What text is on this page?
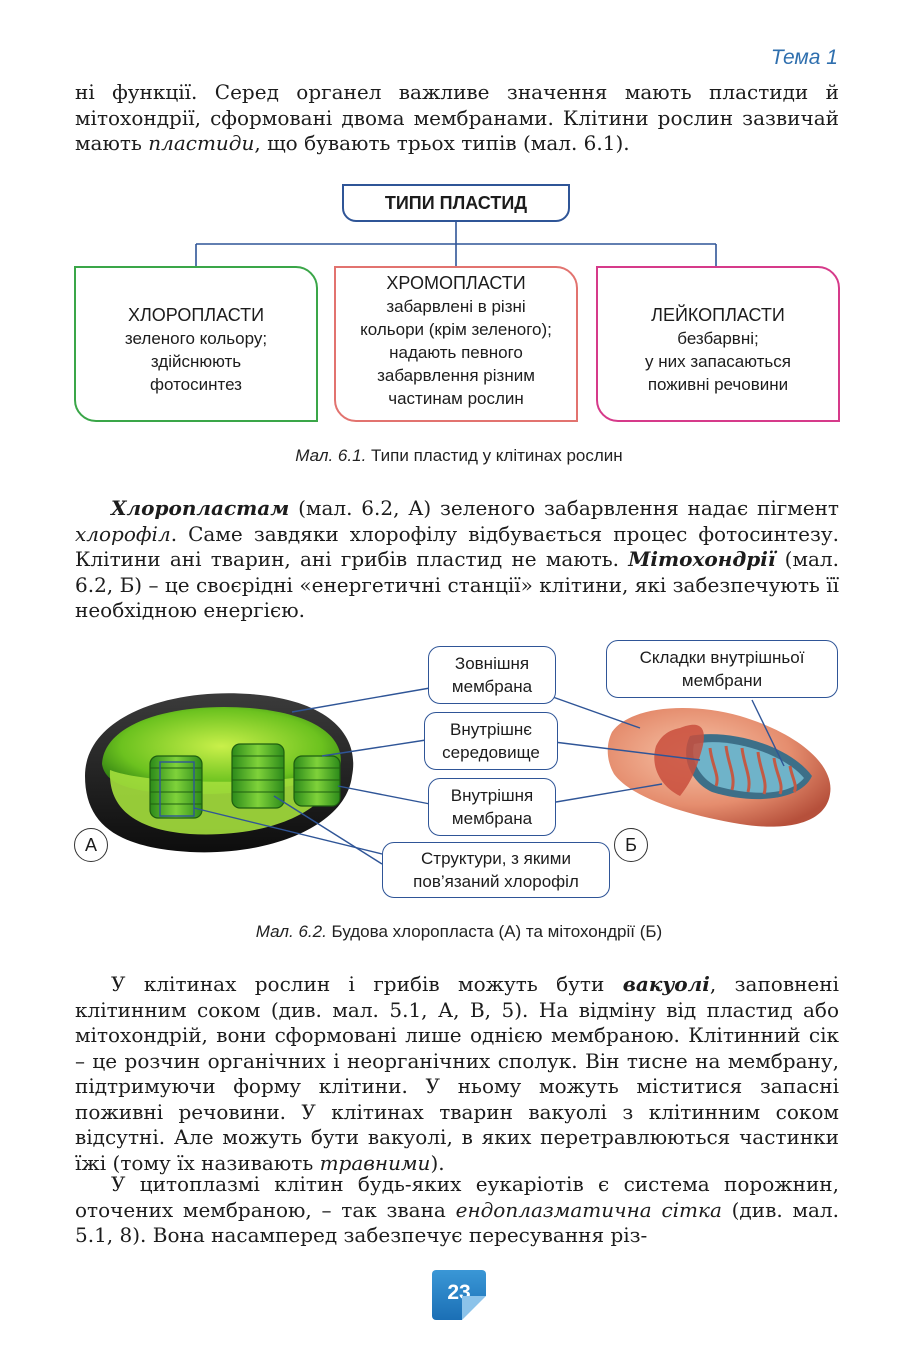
Тема 1
ні функції. Серед органел важливе значення мають пластиди й мітохондрії, сформовані двома мембранами. Клітини рослин зазвичай мають пластиди, що бувають трьох типів (мал. 6.1).
ТИПИ ПЛАСТИД
ХЛОРОПЛАСТИ
зеленого кольору;
здійснюють
фотосинтез
ХРОМОПЛАСТИ
забарвлені в різні
кольори (крім зеленого);
надають певного
забарвлення різним
частинам рослин
ЛЕЙКОПЛАСТИ
безбарвні;
у них запасаються
поживні речовини
Мал. 6.1. Типи пластид у клітинах рослин
Хлоропластам (мал. 6.2, А) зеленого забарвлення надає пігмент хлорофіл. Саме завдяки хлорофілу відбувається процес фотосинтезу. Клітини ані тварин, ані грибів пластид не мають. Мітохондрії (мал. 6.2, Б) – це своєрідні «енергетичні станції» клітини, які забезпечують її необхідною енергією.
Зовнішня
мембрана
Внутрішнє
середовище
Внутрішня
мембрана
Структури, з якими
пов’язаний хлорофіл
Складки внутрішньої
мембрани
А	Б
Мал. 6.2. Будова хлоропласта (А) та мітохондрії (Б)
У клітинах рослин і грибів можуть бути вакуолі, заповнені клітинним соком (див. мал. 5.1, А, В, 5). На відміну від пластид або мітохондрій, вони сформовані лише однією мембраною. Клітинний сік – це розчин органічних і неорганічних сполук. Він тисне на мембрану, підтримуючи форму клітини. У ньому можуть міститися запасні поживні речовини. У клітинах тварин вакуолі з клітинним соком відсутні. Але можуть бути вакуолі, в яких перетравлюються частинки їжі (тому їх називають травними).
У цитоплазмі клітин будь-яких еукаріотів є система порожнин, оточених мембраною, – так звана ендоплазматична сітка (див. мал. 5.1, 8). Вона насамперед забезпечує пересування різ-
23
